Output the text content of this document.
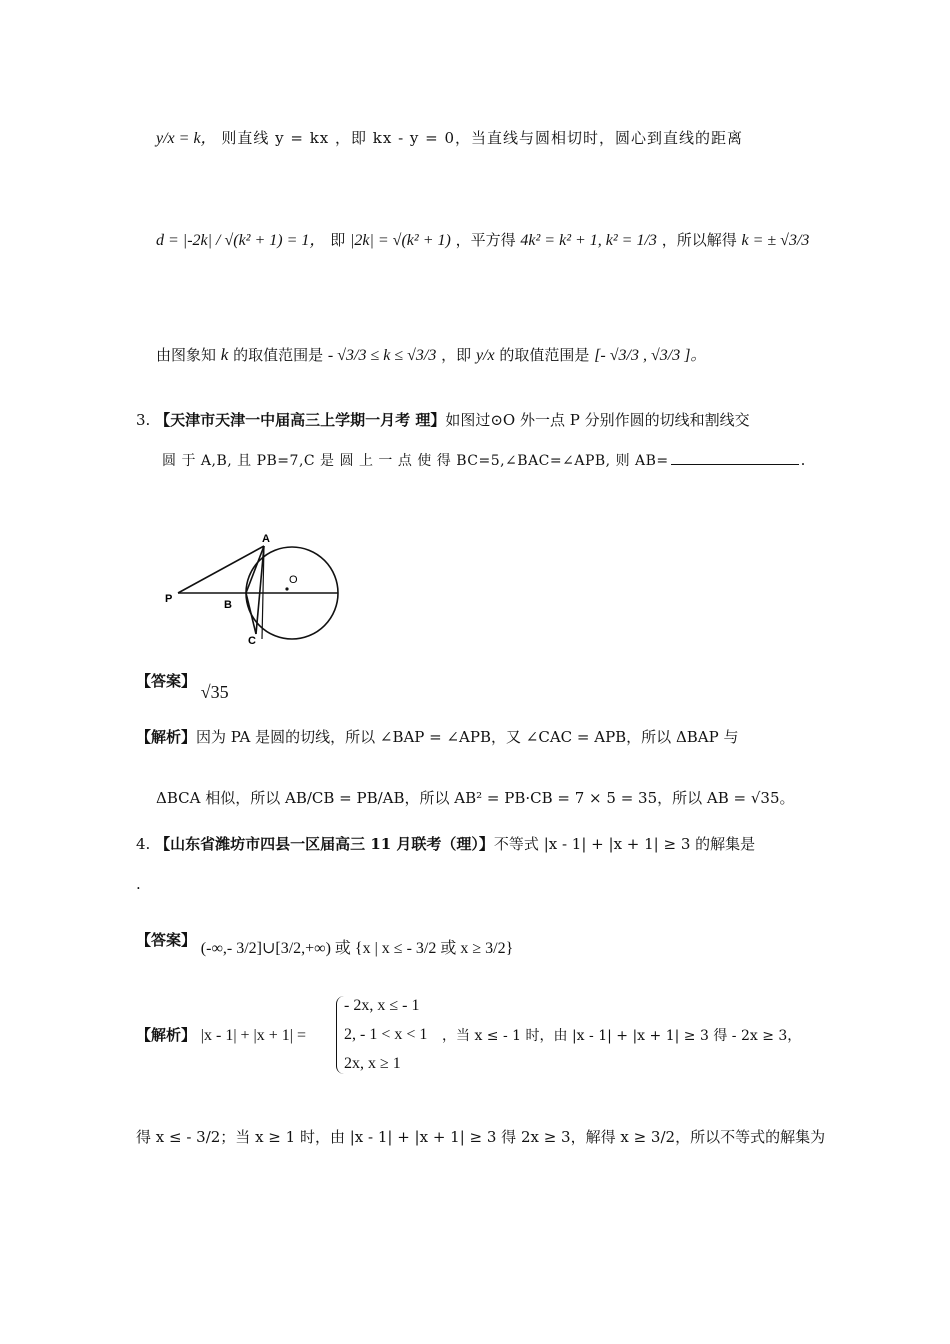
y/x = k， 则直线 y = kx ，即 kx - y = 0，当直线与圆相切时，圆心到直线的距离
d = |-2k| / √(k² + 1) = 1， 即 |2k| = √(k² + 1) ，平方得 4k² = k² + 1, k² = 1/3 ，所以解得 k = ± √3/3
由图象知 k 的取值范围是 - √3/3 ≤ k ≤ √3/3 ，即 y/x 的取值范围是 [- √3/3 , √3/3 ]。
3. 【天津市天津一中届高三上学期一月考 理】如图过⊙O 外一点 P 分别作圆的切线和割线交
圆 于 A,B, 且 PB=7,C 是 圆 上 一 点 使 得 BC=5,∠BAC=∠APB, 则 AB=	.
A
O
P	B
C
【答案】 √35
【解析】因为 PA 是圆的切线，所以 ∠BAP = ∠APB，又 ∠CAC = APB，所以 ΔBAP 与
ΔBCA 相似，所以 AB/CB = PB/AB，所以 AB² = PB·CB = 7 × 5 = 35，所以 AB = √35。
4. 【山东省潍坊市四县一区届高三 11 月联考（理）】不等式 |x - 1| + |x + 1| ≥ 3 的解集是
.
【答案】 (-∞,- 3/2]∪[3/2,+∞) 或 {x | x ≤ - 3/2 或 x ≥ 3/2}
【解析】 |x - 1| + |x + 1| =
- 2x, x ≤ - 1
2, - 1 < x < 1
2x, x ≥ 1
，当 x ≤ - 1 时，由 |x - 1| + |x + 1| ≥ 3 得 - 2x ≥ 3，
得 x ≤ - 3/2；当 x ≥ 1 时，由 |x - 1| + |x + 1| ≥ 3 得 2x ≥ 3，解得 x ≥ 3/2，所以不等式的解集为
